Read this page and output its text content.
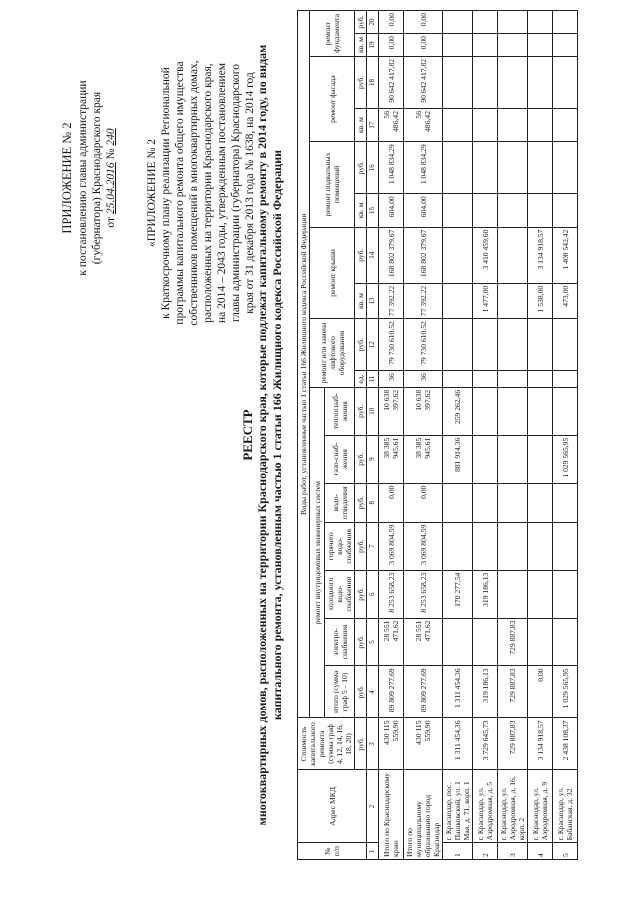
ПРИЛОЖЕНИЕ № 2 к постановлению главы администрации (губернатора) Краснодарского края от 25.04.2016 № 240
«ПРИЛОЖЕНИЕ № 2 к Краткосрочному плану реализации Региональной программы капитального ремонта общего имущества собственников помещений в многоквартирных домах, расположенных на территории Краснодарского края, на 2014 – 2043 годы, утвержденным постановлением главы администрации (губернатора) Краснодарского края от 31 декабря 2013 года № 1638, на 2014 год
РЕЕСТР многоквартирных домов, расположенных на территории Краснодарского края, которые подлежат капитальному ремонту в 2014 году, по видам капитального ремонта, установленным частью 1 статьи 166 Жилищного кодекса Российской Федерации
№ п/п	Адрес МКД	Стоимость капитального ремонта (сумма граф 4, 12, 14, 16, 18, 20)	Виды работ, установленные частью 1 статьи 166 Жилищного кодекса Российской Федерации																
			ремонт внутридомовых инженерных систем							ремонт или замена лифтового оборудования		ремонт крыши		ремонт подвальных помещений		ремонт фасада		ремонт фундамента	
			итого (сумма граф 5 – 10)	электро-снабжения	холодного водо-снабжения	горячего водо-снабжения	водо-отведения	газо-снаб-жения	теплоснаб-жения										
		руб.	руб.	руб.	руб.	руб.	руб.	руб.	руб.	ед.	руб.	кв. м	руб.	кв. м	руб.	кв. м	руб.	кв. м	руб.
1	2	3	4	5	6	7	8	9	10	11	12	13	14	15	16	17	18	19	20
Итого по Краснодарскому краю		430 115 559,90	89 809 277,69	28 551 471,62	8 253 658,23	3 069 804,59	0,00	38 385 945,61	10 638 397,62	36	79 730 610,52	77 392,22	168 802 379,67	604,00	1 048 834,29	56 486,42	90 642 417,82	0,00	0,00
Итого по муниципальному образованию город Краснодар		430 115 559,90	89 809 277,69	28 551 471,62	8 253 658,23	3 069 804,59	0,00	38 385 945,61	10 638 397,62	36	79 730 610,52	77 392,22	168 802 379,67	604,00	1 048 834,29	56 486,42	90 642 417,82	0,00	0,00
1	г. Краснодар, пос. Пашковский, ул. 1 Мая, д. 71, корп. 1	1 311 454,36	1 311 454,36		170 277,54			881 914,36	259 262,46										
2	г. Краснодар, ул. Аэродромная, д. 5	3 729 645,73	319 186,13		319 186,13							1 477,00	3 410 459,60						
3	г. Краснодар, ул. Аэродромная, д. 16, корп. 2	729 887,83	729 887,83	729 887,83															
4	г. Краснодар, ул. Аэродромная, д. 9	3 134 918,57	0,00									1 538,00	3 134 918,57						
5	г. Краснодар, ул. Бабанская, д. 32	2 438 108,37	1 029 565,95					1 029 565,95				473,00	1 408 542,42						
